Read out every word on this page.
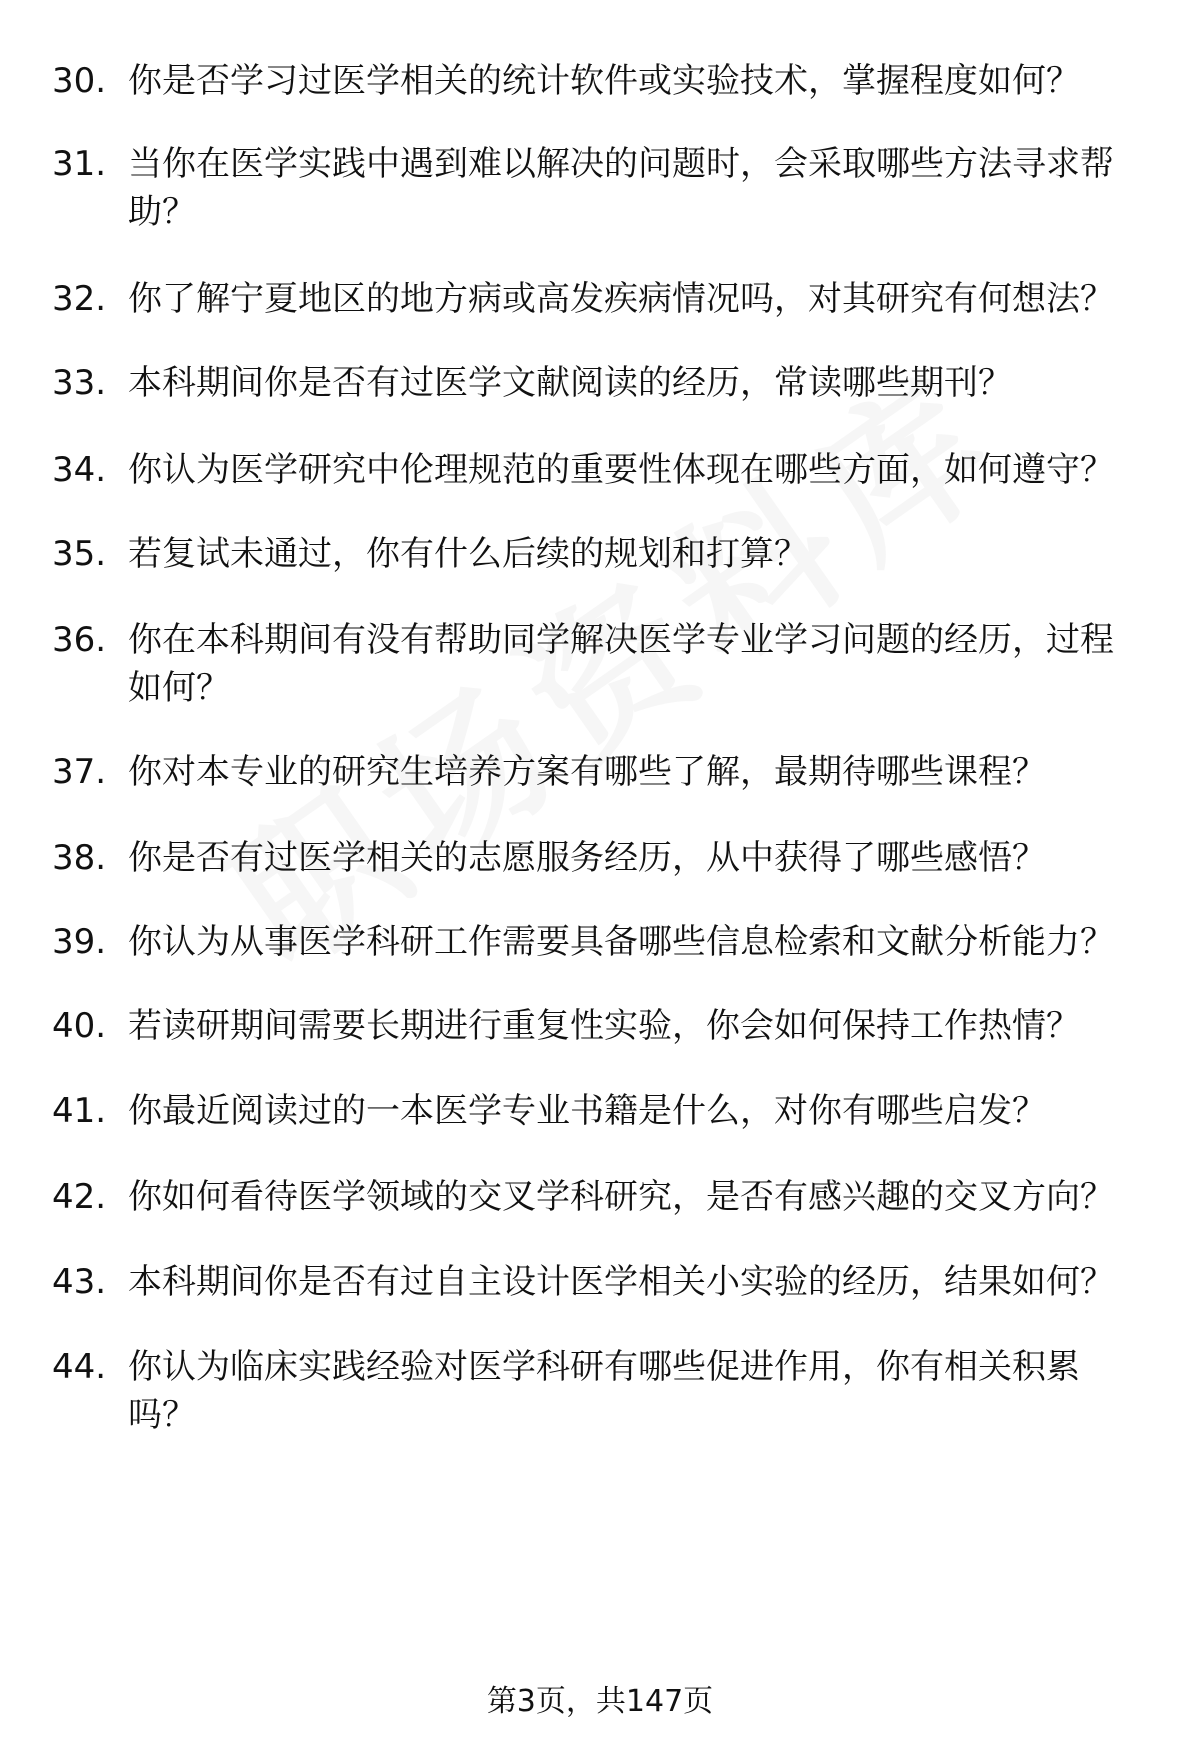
30. 你是否学习过医学相关的统计软件或实验技术，掌握程度如何？
31. 当你在医学实践中遇到难以解决的问题时，会采取哪些方法寻求帮助？
32. 你了解宁夏地区的地方病或高发疾病情况吗，对其研究有何想法？
33. 本科期间你是否有过医学文献阅读的经历，常读哪些期刊？
34. 你认为医学研究中伦理规范的重要性体现在哪些方面，如何遵守？
35. 若复试未通过，你有什么后续的规划和打算？
36. 你在本科期间有没有帮助同学解决医学专业学习问题的经历，过程如何？
37. 你对本专业的研究生培养方案有哪些了解，最期待哪些课程？
38. 你是否有过医学相关的志愿服务经历，从中获得了哪些感悟？
39. 你认为从事医学科研工作需要具备哪些信息检索和文献分析能力？
40. 若读研期间需要长期进行重复性实验，你会如何保持工作热情？
41. 你最近阅读过的一本医学专业书籍是什么，对你有哪些启发？
42. 你如何看待医学领域的交叉学科研究，是否有感兴趣的交叉方向？
43. 本科期间你是否有过自主设计医学相关小实验的经历，结果如何？
44. 你认为临床实践经验对医学科研有哪些促进作用，你有相关积累吗？
第3页，共147页
